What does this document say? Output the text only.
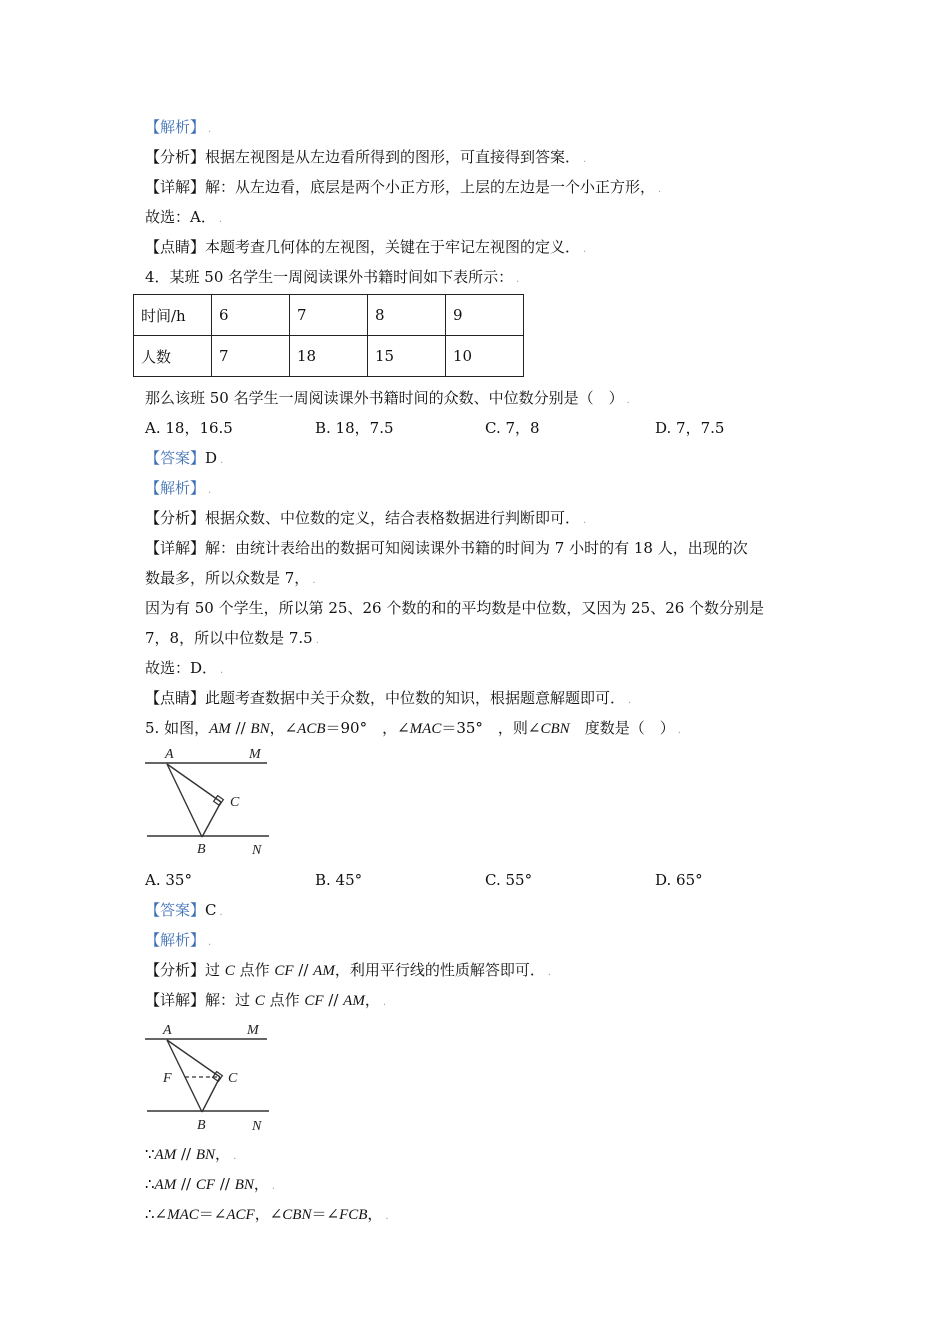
【解析】 .
【分析】根据左视图是从左边看所得到的图形，可直接得到答案． .
【详解】解：从左边看，底层是两个小正方形，上层的左边是一个小正方形， .
故选：A． .
【点睛】本题考查几何体的左视图，关键在于牢记左视图的定义． .
4．某班 50 名学生一周阅读课外书籍时间如下表所示： .
时间/h	6	7	8	9
人数	7	18	15	10
那么该班 50 名学生一周阅读课外书籍时间的众数、中位数分别是（　） .
A. 18，16.5	B. 18，7.5	C. 7，8	D. 7，7.5
【答案】D .
【解析】 .
【分析】根据众数、中位数的定义，结合表格数据进行判断即可． .
【详解】解：由统计表给出的数据可知阅读课外书籍的时间为 7 小时的有 18 人，出现的次
数最多，所以众数是 7， .
因为有 50 个学生，所以第 25、26 个数的和的平均数是中位数，又因为 25、26 个数分别是
7，8，所以中位数是 7.5 .
故选：D． .
【点睛】此题考查数据中关于众数，中位数的知识，根据题意解题即可． .
5. 如图，AM // BN，∠ACB＝90°　，∠MAC＝35°　，则∠CBN　度数是（　） .
A	M
C
B	N
A. 35°	B. 45°	C. 55°	D. 65°
【答案】C .
【解析】 .
【分析】过 C 点作 CF // AM，利用平行线的性质解答即可． .
【详解】解：过 C 点作 CF // AM， .
A	M
F	C
B	N
∵AM // BN， .
∴AM // CF // BN， .
∴∠MAC＝∠ACF，∠CBN＝∠FCB， .
